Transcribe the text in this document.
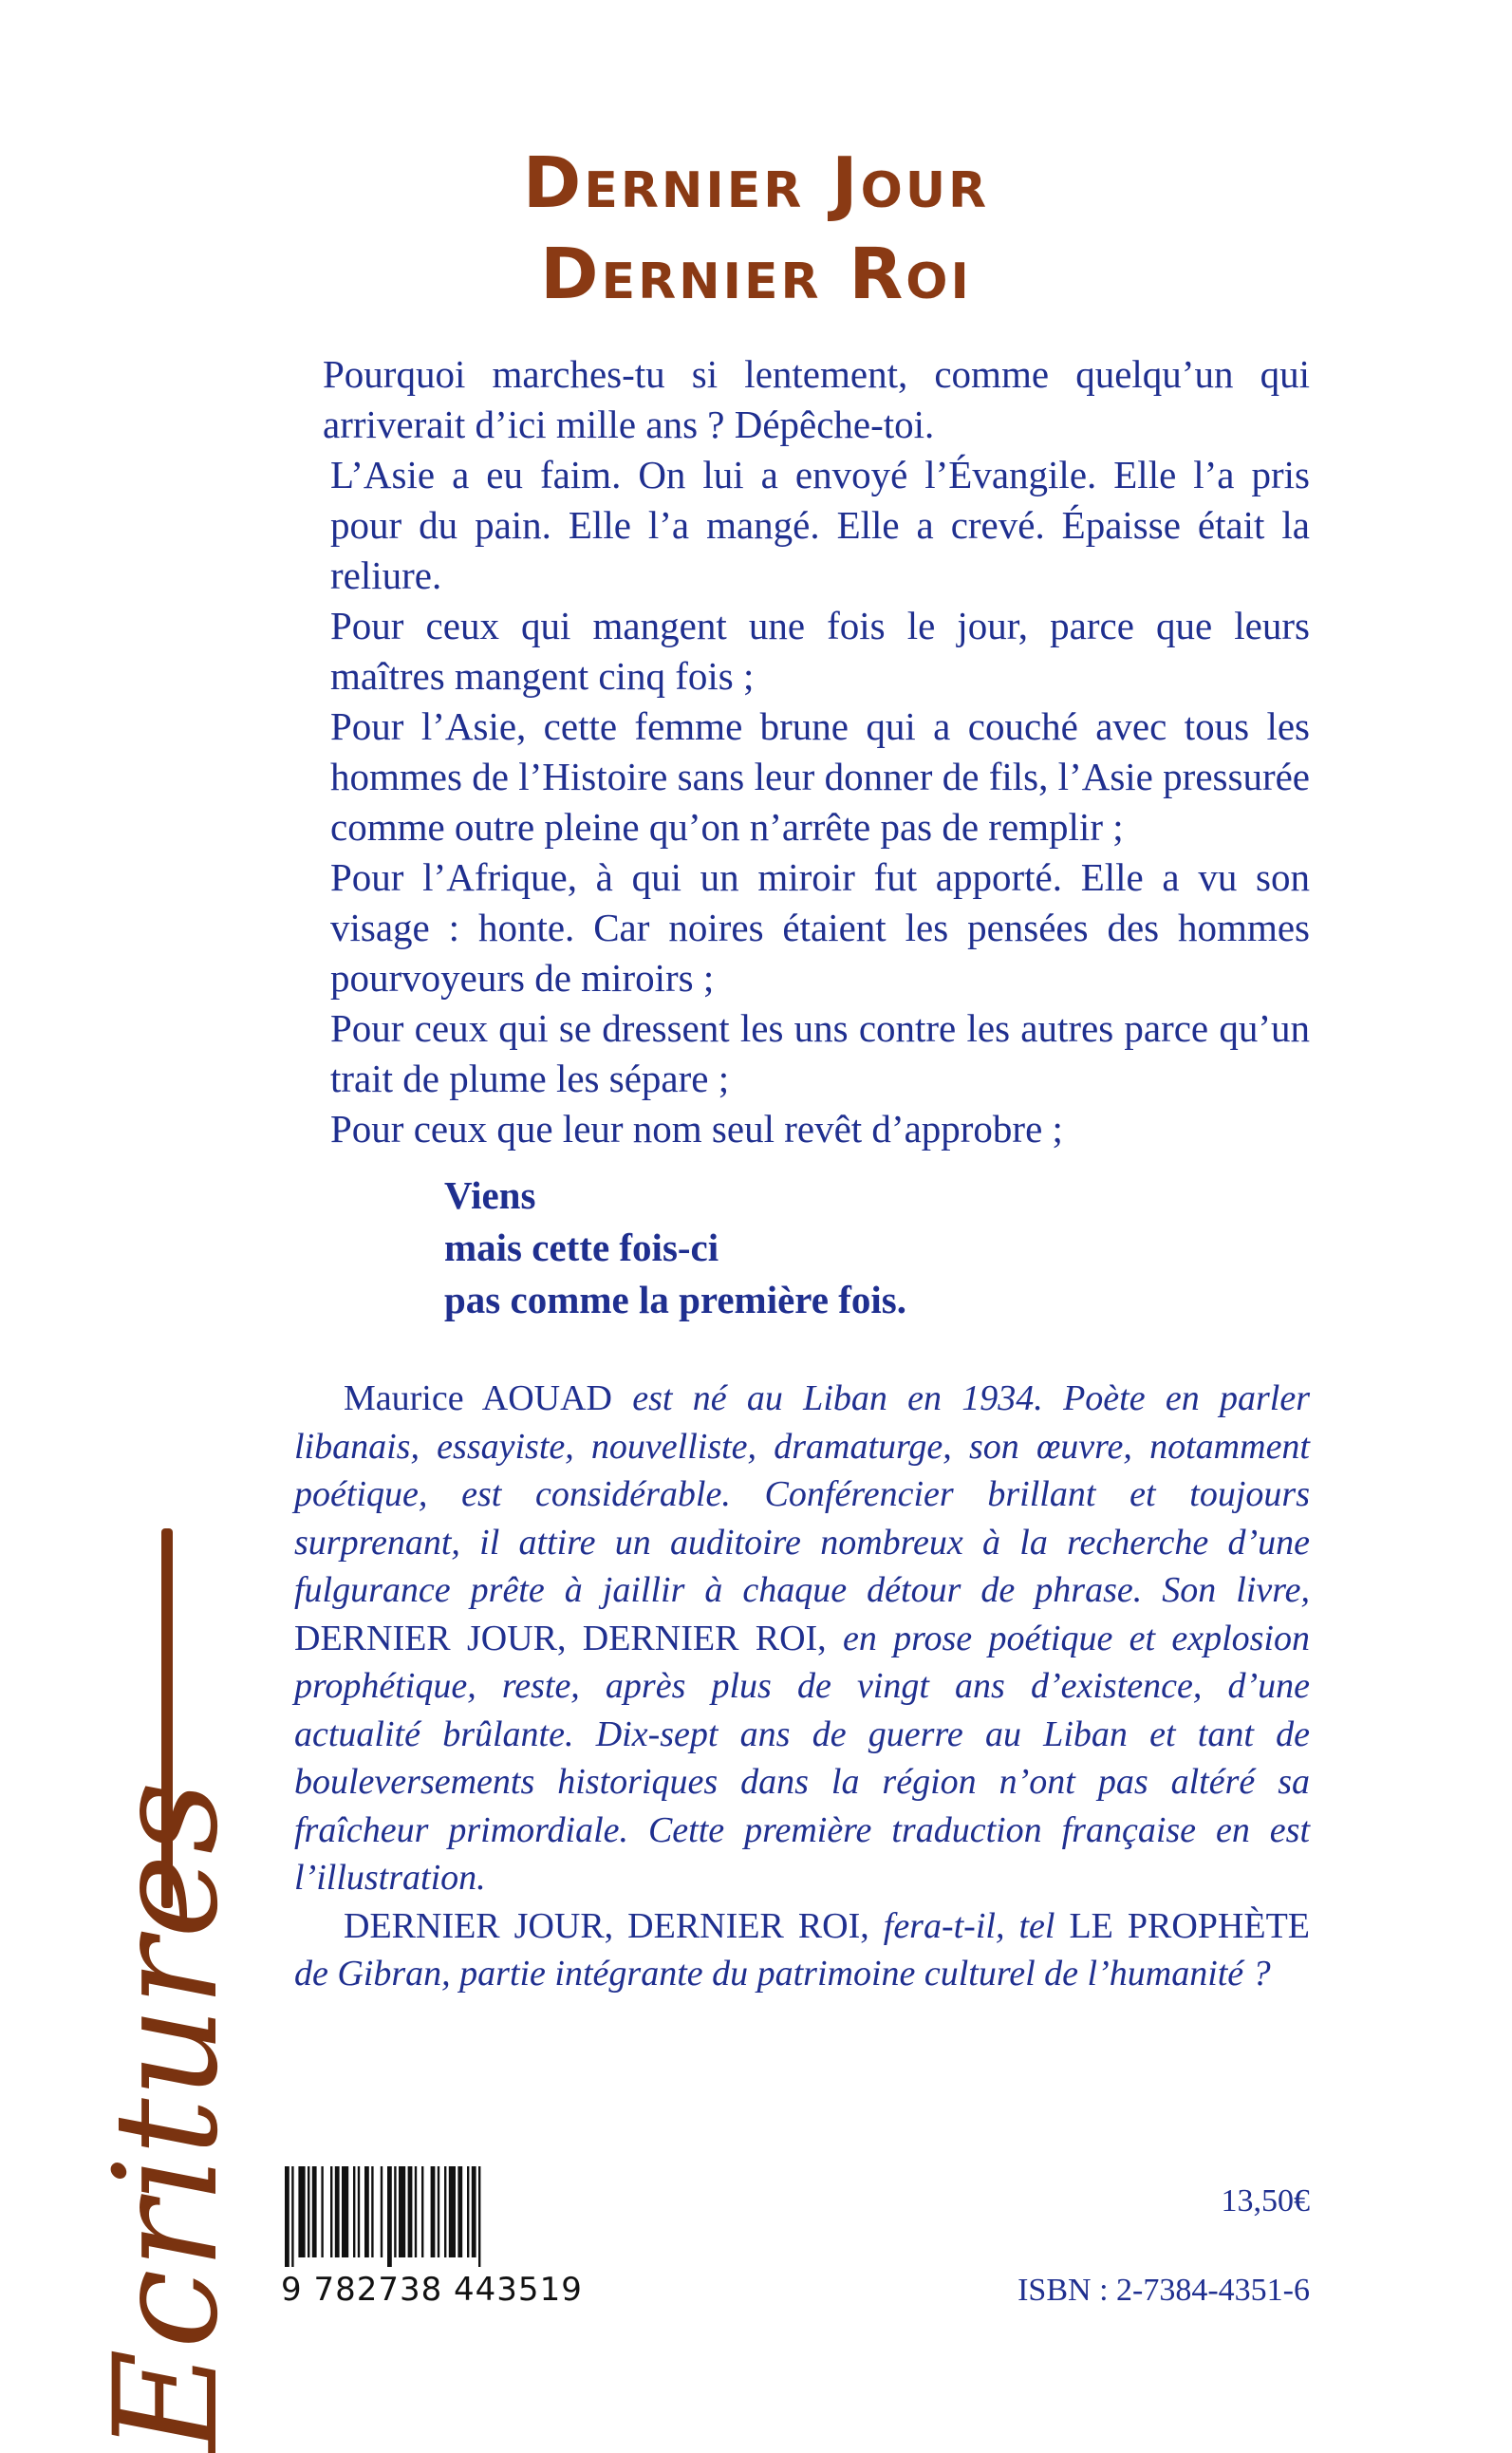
Dernier Jour
Dernier Roi

Pourquoi marches-tu si lentement, comme quelqu’un qui arriverait d’ici mille ans ? Dépêche-toi.

L’Asie a eu faim. On lui a envoyé l’Évangile. Elle l’a pris pour du pain. Elle l’a mangé. Elle a crevé. Épaisse était la reliure.

Pour ceux qui mangent une fois le jour, parce que leurs maîtres mangent cinq fois ;

Pour l’Asie, cette femme brune qui a couché avec tous les hommes de l’Histoire sans leur donner de fils, l’Asie pressurée comme outre pleine qu’on n’arrête pas de remplir ;

Pour l’Afrique, à qui un miroir fut apporté. Elle a vu son visage : honte. Car noires étaient les pensées des hommes pourvoyeurs de miroirs ;

Pour ceux qui se dressent les uns contre les autres parce qu’un trait de plume les sépare ;

Pour ceux que leur nom seul revêt d’approbre ;

Viens
mais cette fois-ci
pas comme la première fois.

Maurice AOUAD est né au Liban en 1934. Poète en parler libanais, essayiste, nouvelliste, dramaturge, son œuvre, notamment poétique, est considérable. Conférencier brillant et toujours surprenant, il attire un auditoire nombreux à la recherche d’une fulgurance prête à jaillir à chaque détour de phrase. Son livre, DERNIER JOUR, DERNIER ROI, en prose poétique et explosion prophétique, reste, après plus de vingt ans d’existence, d’une actualité brûlante. Dix-sept ans de guerre au Liban et tant de bouleversements historiques dans la région n’ont pas altéré sa fraîcheur primordiale. Cette première traduction française en est l’illustration.

DERNIER JOUR, DERNIER ROI, fera-t-il, tel LE PROPHÈTE de Gibran, partie intégrante du patrimoine culturel de l’humanité ?

Ecritures 9 782738 443519
13,50€
ISBN : 2-7384-4351-6
